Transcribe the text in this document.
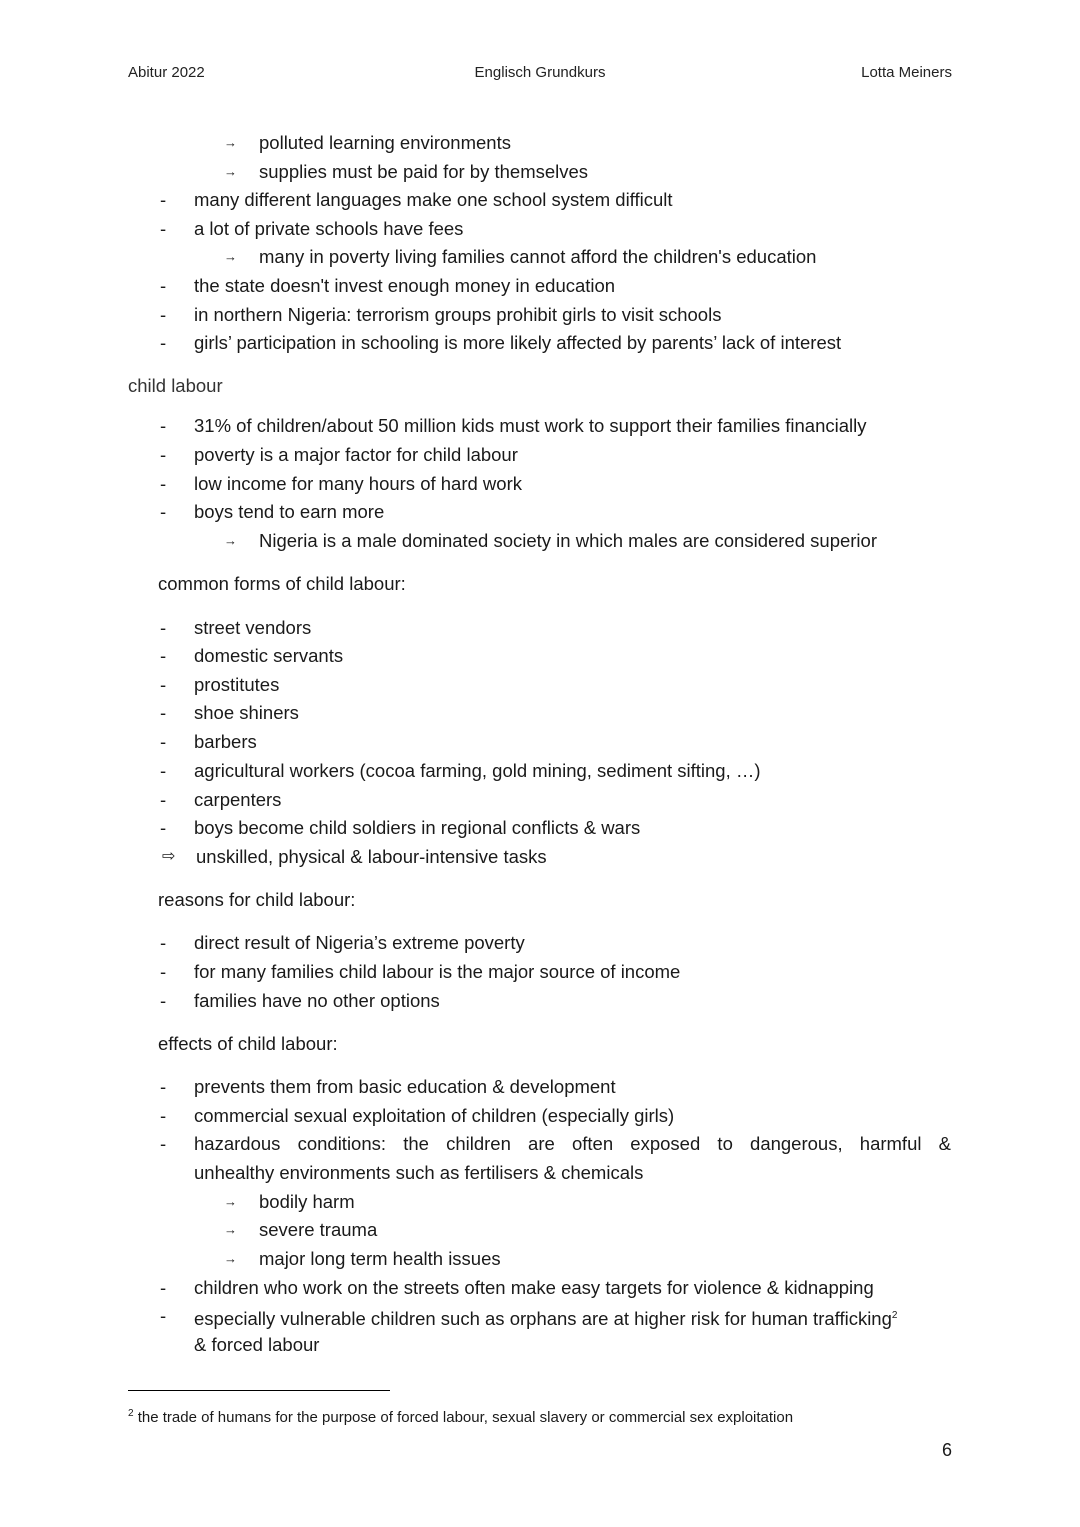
Abitur 2022	Englisch Grundkurs	Lotta Meiners
→	polluted learning environments
→	supplies must be paid for by themselves
- many different languages make one school system difficult
- a lot of private schools have fees
→	many in poverty living families cannot afford the children's education
- the state doesn't invest enough money in education
- in northern Nigeria: terrorism groups prohibit girls to visit schools
- girls’ participation in schooling is more likely affected by parents’ lack of interest
child labour
- 31% of children/about 50 million kids must work to support their families financially
- poverty is a major factor for child labour
- low income for many hours of hard work
- boys tend to earn more
→	Nigeria is a male dominated society in which males are considered superior
common forms of child labour:
- street vendors
- domestic servants
- prostitutes
- shoe shiners
- barbers
- agricultural workers (cocoa farming, gold mining, sediment sifting, …)
- carpenters
- boys become child soldiers in regional conflicts & wars
⇨ unskilled, physical & labour-intensive tasks
reasons for child labour:
- direct result of Nigeria’s extreme poverty
- for many families child labour is the major source of income
- families have no other options
effects of child labour:
- prevents them from basic education & development
- commercial sexual exploitation of children (especially girls)
- hazardous conditions: the children are often exposed to dangerous, harmful &
unhealthy environments such as fertilisers & chemicals
→	bodily harm
→	severe trauma
→	major long term health issues
- children who work on the streets often make easy targets for violence & kidnapping
- especially vulnerable children such as orphans are at higher risk for human trafficking$^2$
& forced labour
$^2$ the trade of humans for the purpose of forced labour, sexual slavery or commercial sex exploitation
6
